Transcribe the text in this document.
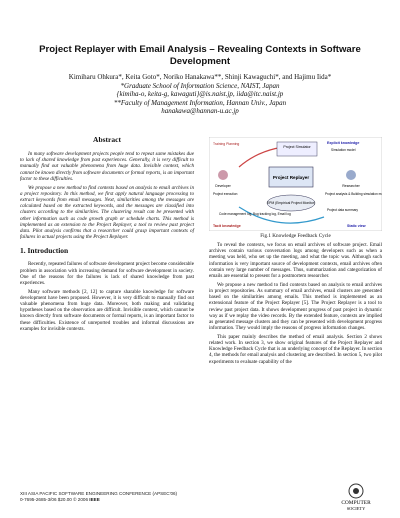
Project Replayer with Email Analysis – Revealing Contexts in Software
Development
Kimiharu Ohkura*, Keita Goto*, Noriko Hanakawa**, Shinji Kawaguchi*, and Hajimu Iida*
*Graduate School of Information Science, NAIST, Japan
{kimiha-o, keita-g, kawaguti}@is.naist.jp, iida@itc.naist.jp
**Faculty of Management Information, Hannan Univ., Japan
hanakawa@hannan-u.ac.jp
Abstract

In many software development projects people tend to repeat same mistakes due to lack of shared knowledge from past experiences. Generally, it is very difficult to manually find out valuable phenomena from huge data. Invisible context, which cannot be known directly from software documents or formal reports, is an important factor to these difficulties.

We propose a new method to find contexts based on analysis to email archives in a project repository. In this method, we first apply natural language processing to extract keywords from email messages. Next, similarities among the messages are calculated based on the extracted keywords, and the messages are classified into clusters according to the similarities. The clustering result can be presented with other information such as code growth graph or schedule charts. This method is implemented as an extension to the Project Replayer, a tool to review past project data. Pilot analysis confirms that a researcher could grasp important contexts of failures in actual projects using the Project Replayer.

1. Introduction

Recently, repeated failures of software development project become considerable problem in association with increasing demand for software development in society. One of the reasons for the failures is lack of shared knowledge from past experiences.

Many software methods [2, 12] to capture sharable knowledge for software development have been proposed. However, it is very difficult to manually find out valuable phenomena from huge data. Moreover, both making and validating hypotheses based on the observation are difficult. Invisible context, which cannot be known directly from software documents or formal reports, is an important factor to these difficulties. Existence of unreported troubles and informal discussions are examples for invisible contexts.

Project Simulator
Project Replayer
EPM (Empirical Project Monitor)
Developer	Researcher
Training Planning	Explicit knowledge
Simulation model
Project execution	Project analysis & Building simulation model
Code management log, Bug tracking log, Email log
Project data summary
Tacit knowledge	Static view
Fig.1 Knowledge Feedback Cycle

To reveal the contexts, we focus on email archives of software project. Email archives contain various conversation logs among developers such as when a meeting was held, who set up the meeting, and what the topic was. Although such information is very important source of development contexts, email archives often contain very large number of messages. Thus, summarization and categorization of emails are essential to present for a postmortem researcher.

We propose a new method to find contexts based on analysis to email archives in project repositories. As summary of email archives, email clusters are generated based on the similarities among emails. This method is implemented as an extensional feature of the Project Replayer [5]. The Project Replayer is a tool to review past project data. It shows development progress of past project in dynamic way as if we replay the video records. By the extended feature, contexts are implied as generated message clusters and they can be presented with development progress information. They would imply the reasons of progress information changes.

This paper mainly describes the method of email analysis. Section 2 shows related work. In section 3, we show original features of the Project Replayer and Knowledge Feedback Cycle that is an underlying concept of the Replayer. In section 4, the methods for email analysis and clustering are described. In section 5, two pilot experiments to evaluate capability of the

XIII ASIA PACIFIC SOFTWARE ENGINEERING CONFERENCE (APSEC'06)
0-7695-2685-3/06 $20.00 © 2006 IEEE
COMPUTER
SOCIETY
